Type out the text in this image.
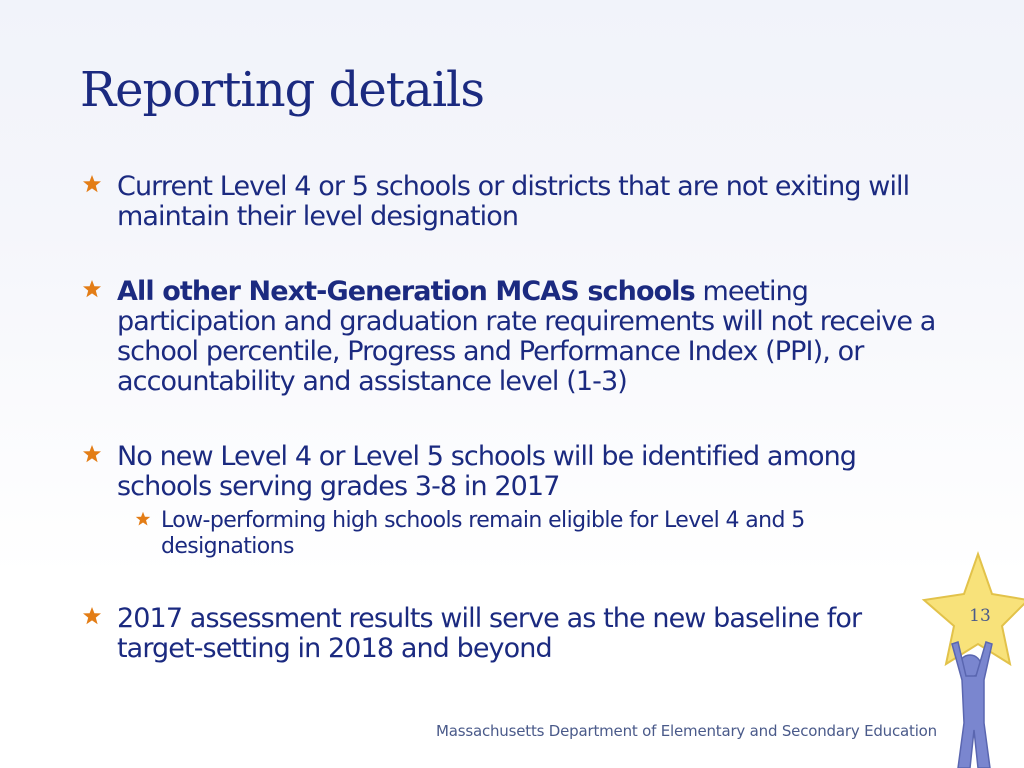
Reporting details
Current Level 4 or 5 schools or districts that are not exiting will maintain their level designation
All other Next-Generation MCAS schools meeting participation and graduation rate requirements will not receive a school percentile, Progress and Performance Index (PPI), or accountability and assistance level (1-3)
No new Level 4 or Level 5 schools will be identified among schools serving grades 3-8 in 2017
Low-performing high schools remain eligible for Level 4 and 5 designations
2017 assessment results will serve as the new baseline for target-setting in 2018 and beyond
13
Massachusetts Department of Elementary and Secondary Education
